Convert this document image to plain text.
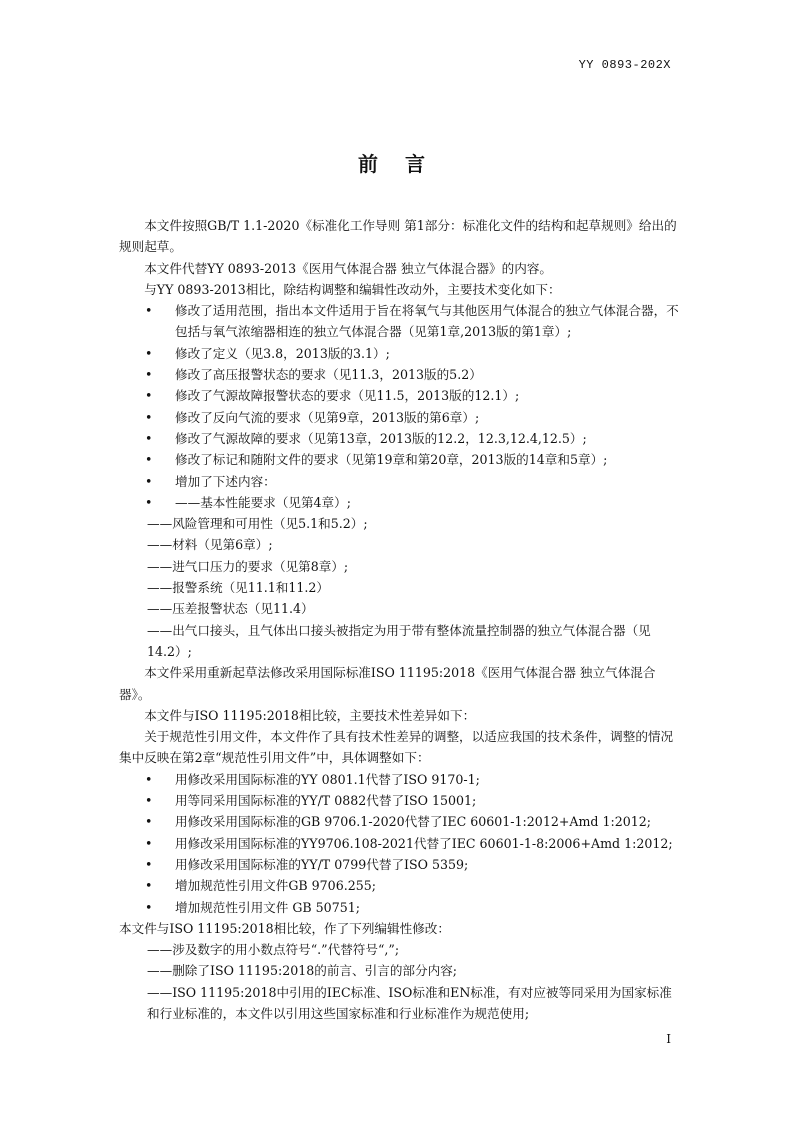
YY 0893-202X
前 言

本文件按照GB/T 1.1-2020《标准化工作导则 第1部分：标准化文件的结构和起草规则》给出的规则起草。

本文件代替YY 0893-2013《医用气体混合器 独立气体混合器》的内容。

与YY 0893-2013相比，除结构调整和编辑性改动外，主要技术变化如下：

• 修改了适用范围，指出本文件适用于旨在将氧气与其他医用气体混合的独立气体混合器，不包括与氧气浓缩器相连的独立气体混合器（见第1章,2013版的第1章）;
• 修改了定义（见3.8，2013版的3.1）;
• 修改了高压报警状态的要求（见11.3，2013版的5.2）
• 修改了气源故障报警状态的要求（见11.5，2013版的12.1）;
• 修改了反向气流的要求（见第9章，2013版的第6章）;
• 修改了气源故障的要求（见第13章，2013版的12.2，12.3,12.4,12.5）;
• 修改了标记和随附文件的要求（见第19章和第20章，2013版的14章和5章）;
• 增加了下述内容：
• ——基本性能要求（见第4章）;

——风险管理和可用性（见5.1和5.2）;

——材料（见第6章）;

——进气口压力的要求（见第8章）;

——报警系统（见11.1和11.2）

——压差报警状态（见11.4）

——出气口接头，且气体出口接头被指定为用于带有整体流量控制器的独立气体混合器（见14.2）;

本文件采用重新起草法修改采用国际标准ISO 11195:2018《医用气体混合器 独立气体混合器》。

本文件与ISO 11195:2018相比较，主要技术性差异如下：

关于规范性引用文件，本文件作了具有技术性差异的调整，以适应我国的技术条件，调整的情况集中反映在第2章“规范性引用文件”中，具体调整如下：

• 用修改采用国际标准的YY 0801.1代替了ISO 9170-1;
• 用等同采用国际标准的YY/T 0882代替了ISO 15001;
• 用修改采用国际标准的GB 9706.1-2020代替了IEC 60601-1:2012+Amd 1:2012;
• 用修改采用国际标准的YY9706.108-2021代替了IEC 60601-1-8:2006+Amd 1:2012;
• 用修改采用国际标准的YY/T 0799代替了ISO 5359;
• 增加规范性引用文件GB 9706.255;
• 增加规范性引用文件 GB 50751;

本文件与ISO 11195:2018相比较，作了下列编辑性修改：

——涉及数字的用小数点符号“.”代替符号“,”;

——删除了ISO 11195:2018的前言、引言的部分内容;

——ISO 11195:2018中引用的IEC标准、ISO标准和EN标准，有对应被等同采用为国家标准和行业标准的，本文件以引用这些国家标准和行业标准作为规范使用;

I
